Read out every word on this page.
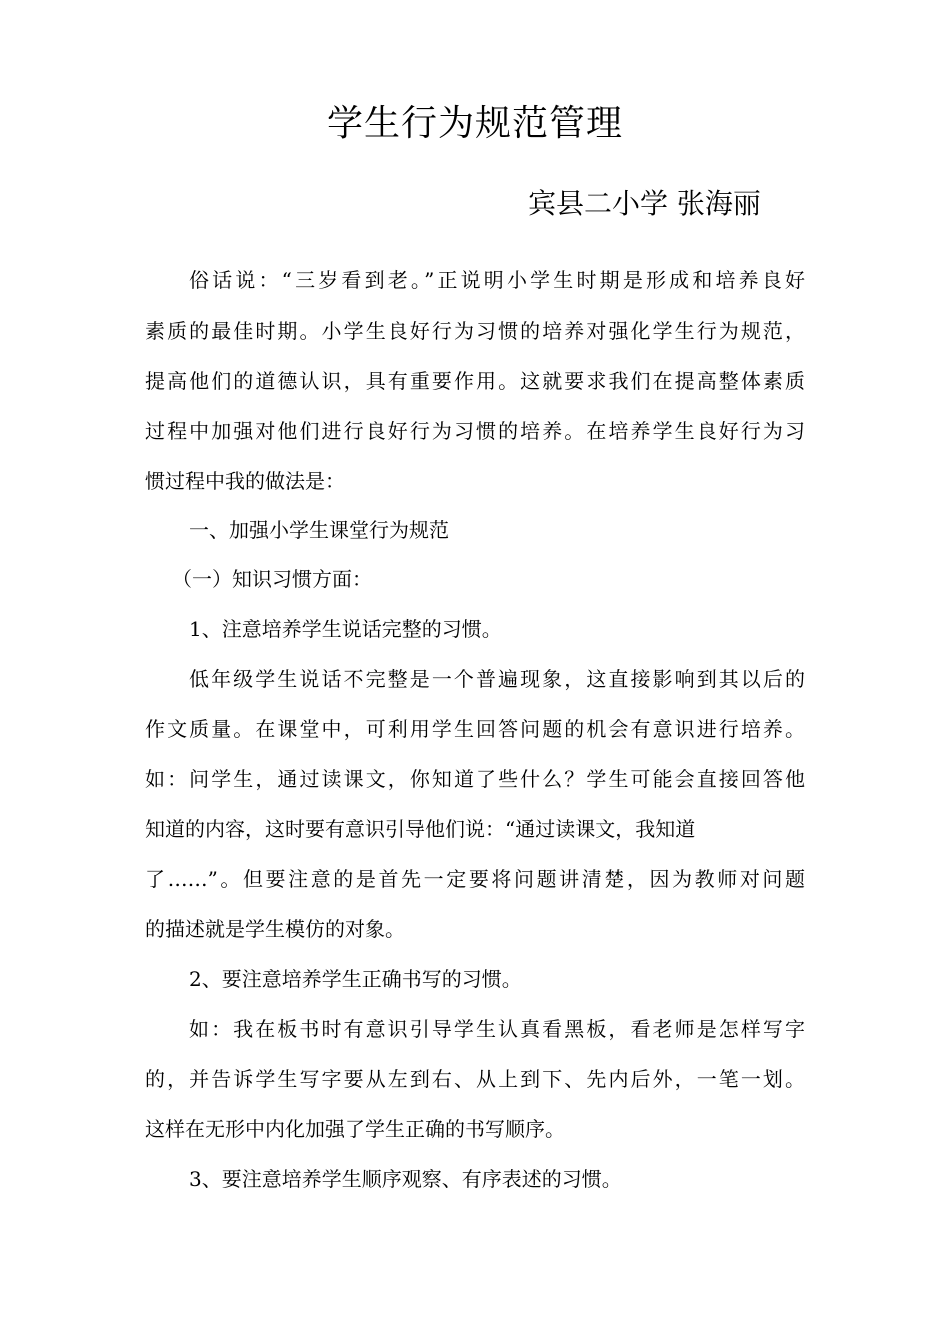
学生行为规范管理
宾县二小学 张海丽
俗话说：“三岁看到老。”正说明小学生时期是形成和培养良好
素质的最佳时期。小学生良好行为习惯的培养对强化学生行为规范，
提高他们的道德认识，具有重要作用。这就要求我们在提高整体素质
过程中加强对他们进行良好行为习惯的培养。在培养学生良好行为习
惯过程中我的做法是：
一、加强小学生课堂行为规范
（一）知识习惯方面：
1、注意培养学生说话完整的习惯。
低年级学生说话不完整是一个普遍现象，这直接影响到其以后的
作文质量。在课堂中，可利用学生回答问题的机会有意识进行培养。
如：问学生，通过读课文，你知道了些什么？学生可能会直接回答他
知道的内容，这时要有意识引导他们说：“通过读课文，我知道
了……”。但要注意的是首先一定要将问题讲清楚，因为教师对问题
的描述就是学生模仿的对象。
2、要注意培养学生正确书写的习惯。
如：我在板书时有意识引导学生认真看黑板，看老师是怎样写字
的，并告诉学生写字要从左到右、从上到下、先内后外，一笔一划。
这样在无形中内化加强了学生正确的书写顺序。
3、要注意培养学生顺序观察、有序表述的习惯。
